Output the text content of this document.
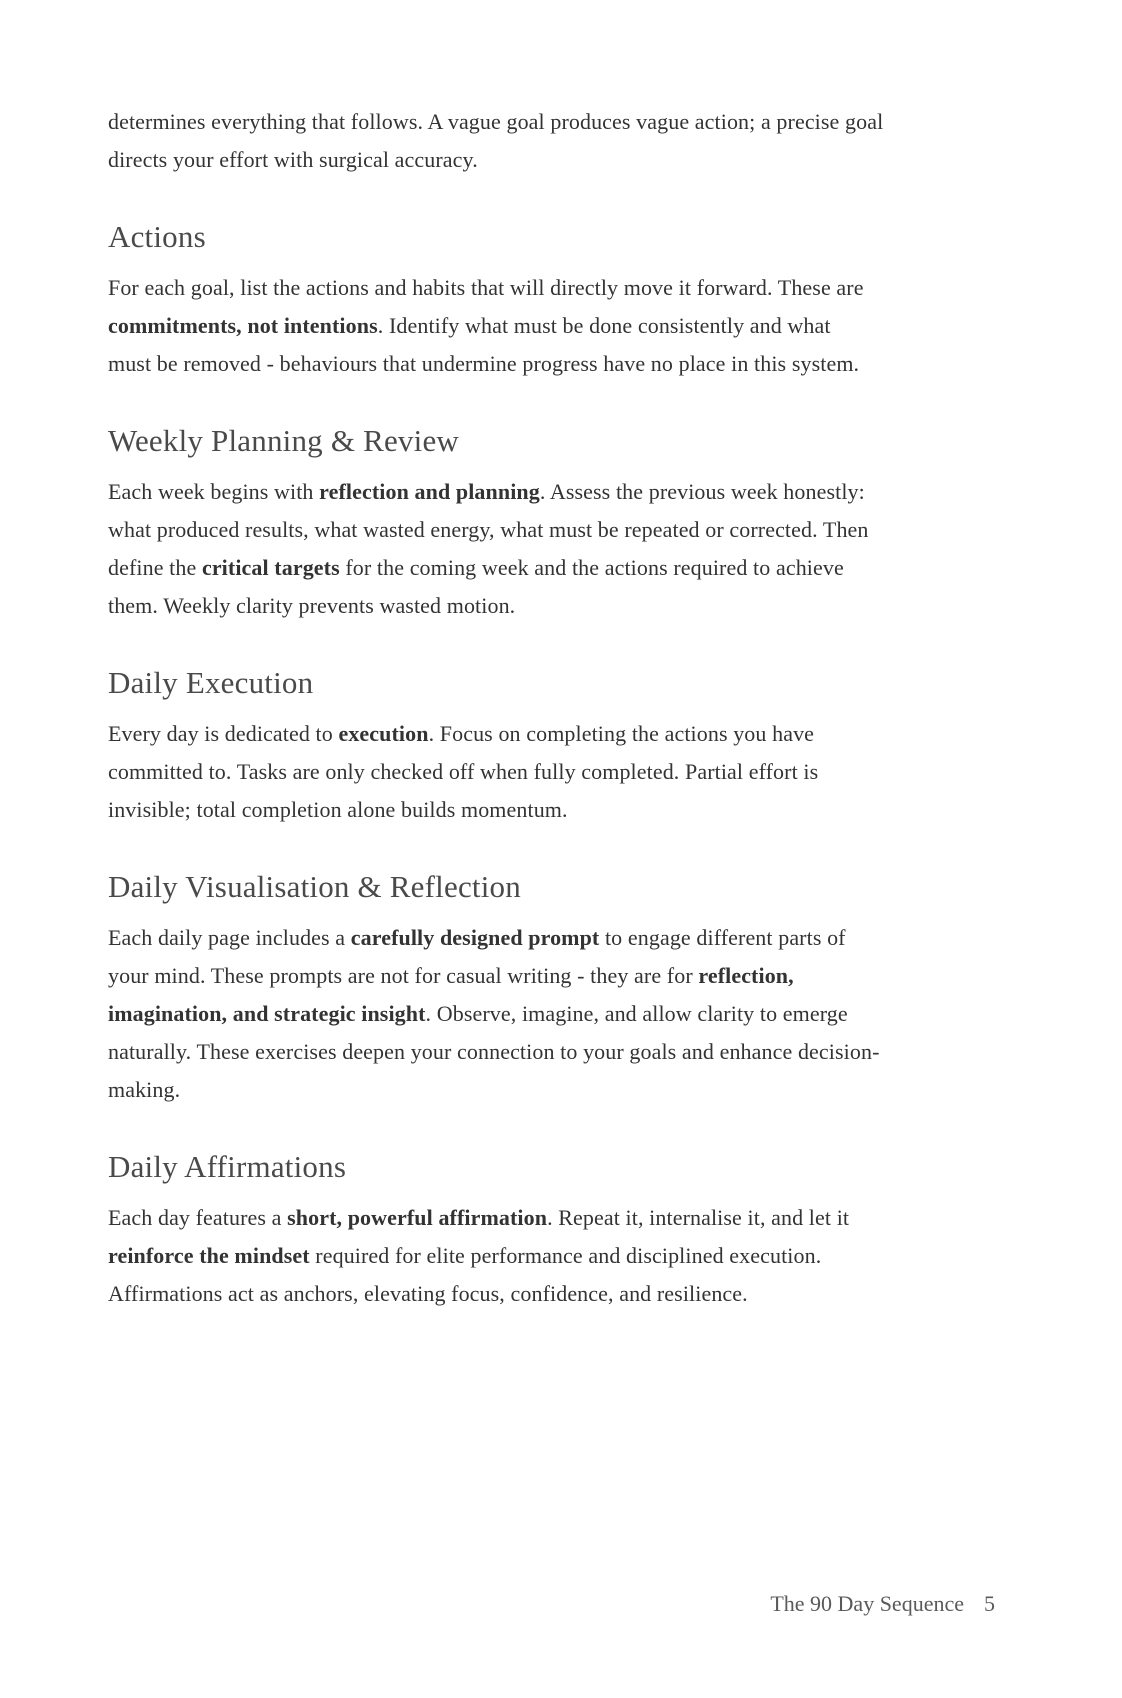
determines everything that follows. A vague goal produces vague action; a precise goal
directs your effort with surgical accuracy.

Actions

For each goal, list the actions and habits that will directly move it forward. These are
commitments, not intentions. Identify what must be done consistently and what
must be removed - behaviours that undermine progress have no place in this system.

Weekly Planning & Review

Each week begins with reflection and planning. Assess the previous week honestly:
what produced results, what wasted energy, what must be repeated or corrected. Then
define the critical targets for the coming week and the actions required to achieve
them. Weekly clarity prevents wasted motion.

Daily Execution

Every day is dedicated to execution. Focus on completing the actions you have
committed to. Tasks are only checked off when fully completed. Partial effort is
invisible; total completion alone builds momentum.

Daily Visualisation & Reflection

Each daily page includes a carefully designed prompt to engage different parts of
your mind. These prompts are not for casual writing - they are for reflection,
imagination, and strategic insight. Observe, imagine, and allow clarity to emerge
naturally. These exercises deepen your connection to your goals and enhance decision-
making.

Daily Affirmations

Each day features a short, powerful affirmation. Repeat it, internalise it, and let it
reinforce the mindset required for elite performance and disciplined execution.
Affirmations act as anchors, elevating focus, confidence, and resilience.

The 90 Day Sequence 5
